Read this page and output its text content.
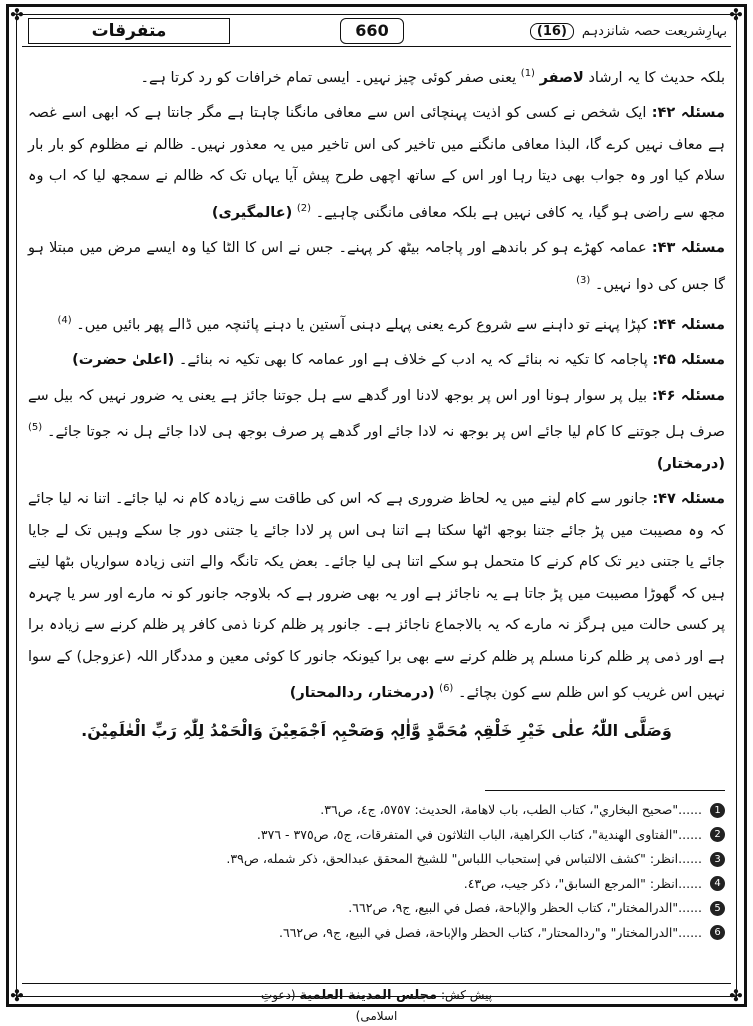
✤	✤
✤	✤
بہارِشریعت حصہ شانزدہم
(16)
660
متفرقات

بلکہ حدیث کا یہ ارشاد لاصفر $^{(1)}$ یعنی صفر کوئی چیز نہیں۔ ایسی تمام خرافات کو رد کرتا ہے۔

مسئلہ ۴۲: ایک شخص نے کسی کو اذیت پہنچائی اس سے معافی مانگنا چاہتا ہے مگر جانتا ہے کہ ابھی اسے غصہ ہے معاف نہیں کرے گا، البذا معافی مانگنے میں تاخیر کی اس تاخیر میں یہ معذور نہیں۔ ظالم نے مظلوم کو بار بار سلام کیا اور وہ جواب بھی دیتا رہا اور اس کے ساتھ اچھی طرح پیش آیا یہاں تک کہ ظالم نے سمجھ لیا کہ اب وہ مجھ سے راضی ہو گیا، یہ کافی نہیں ہے بلکہ معافی مانگنی چاہیے۔ $^{(2)}$ (عالمگیری)

مسئلہ ۴۳: عمامہ کھڑے ہو کر باندھے اور پاجامہ بیٹھ کر پہنے۔ جس نے اس کا الٹا کیا وہ ایسے مرض میں مبتلا ہو گا جس کی دوا نہیں۔ $^{(3)}$

مسئلہ ۴۴: کپڑا پہنے تو داہنے سے شروع کرے یعنی پہلے دہنی آستین یا دہنے پائنچہ میں ڈالے پھر بائیں میں۔ $^{(4)}$

مسئلہ ۴۵: پاجامہ کا تکیہ نہ بنائے کہ یہ ادب کے خلاف ہے اور عمامہ کا بھی تکیہ نہ بنائے۔ (اعلیٰ حضرت)

مسئلہ ۴۶: بیل پر سوار ہونا اور اس پر بوجھ لادنا اور گدھے سے ہل جوتنا جائز ہے یعنی یہ ضرور نہیں کہ بیل سے صرف ہل جوتنے کا کام لیا جائے اس پر بوجھ نہ لادا جائے اور گدھے پر صرف بوجھ ہی لادا جائے ہل نہ جوتا جائے۔ $^{(5)}$ (درمختار)

مسئلہ ۴۷: جانور سے کام لینے میں یہ لحاظ ضروری ہے کہ اس کی طاقت سے زیادہ کام نہ لیا جائے۔ اتنا نہ لیا جائے کہ وہ مصیبت میں پڑ جائے جتنا بوجھ اٹھا سکتا ہے اتنا ہی اس پر لادا جائے یا جتنی دور جا سکے وہیں تک لے جایا جائے یا جتنی دیر تک کام کرنے کا متحمل ہو سکے اتنا ہی لیا جائے۔ بعض یکہ تانگہ والے اتنی زیادہ سواریاں بٹھا لیتے ہیں کہ گھوڑا مصیبت میں پڑ جاتا ہے یہ ناجائز ہے اور یہ بھی ضرور ہے کہ بلاوجہ جانور کو نہ مارے اور سر یا چہرہ پر کسی حالت میں ہرگز نہ مارے کہ یہ بالاجماع ناجائز ہے۔ جانور پر ظلم کرنا ذمی کافر پر ظلم کرنے سے زیادہ برا ہے اور ذمی پر ظلم کرنا مسلم پر ظلم کرنے سے بھی برا کیونکہ جانور کا کوئی معین و مددگار اللہ (عزوجل) کے سوا نہیں اس غریب کو اس ظلم سے کون بچائے۔ $^{(6)}$ (درمختار، ردالمحتار)

وَصَلَّی اللّٰہُ علٰی خَیْرِ خَلْقِہٖ مُحَمَّدٍ وَّاٰلِہٖ وَصَحْبِہٖ اَجْمَعِیْنَ وَالْحَمْدُ لِلّٰہِ رَبِّ الْعٰلَمِیْنَ.

1
......"صحيح البخاري"، كتاب الطب، باب لاهامة، الحديث: ٥٧٥٧، ج٤، ص٣٦.
2
......"الفتاوى الهندية"، كتاب الكراهية، الباب الثلاثون في المتفرقات، ج٥، ص٣٧٥ - ٣٧٦.
3
......انظر: "كشف الالتباس في إستحباب اللباس" للشيخ المحقق عبدالحق، ذكر شمله، ص٣٩.
4
......انظر: "المرجع السابق"، ذكر جيب، ص٤٣.
5
......"الدرالمختار"، كتاب الحظر والإباحة، فصل في البيع، ج٩، ص٦٦٢.
6
......"الدرالمختار" و"ردالمحتار"، كتاب الحظر والإباحة، فصل في البيع، ج٩، ص٦٦٢.
پیش کش: مجلس المدينة العلمية (دعوتِ اسلامی)
